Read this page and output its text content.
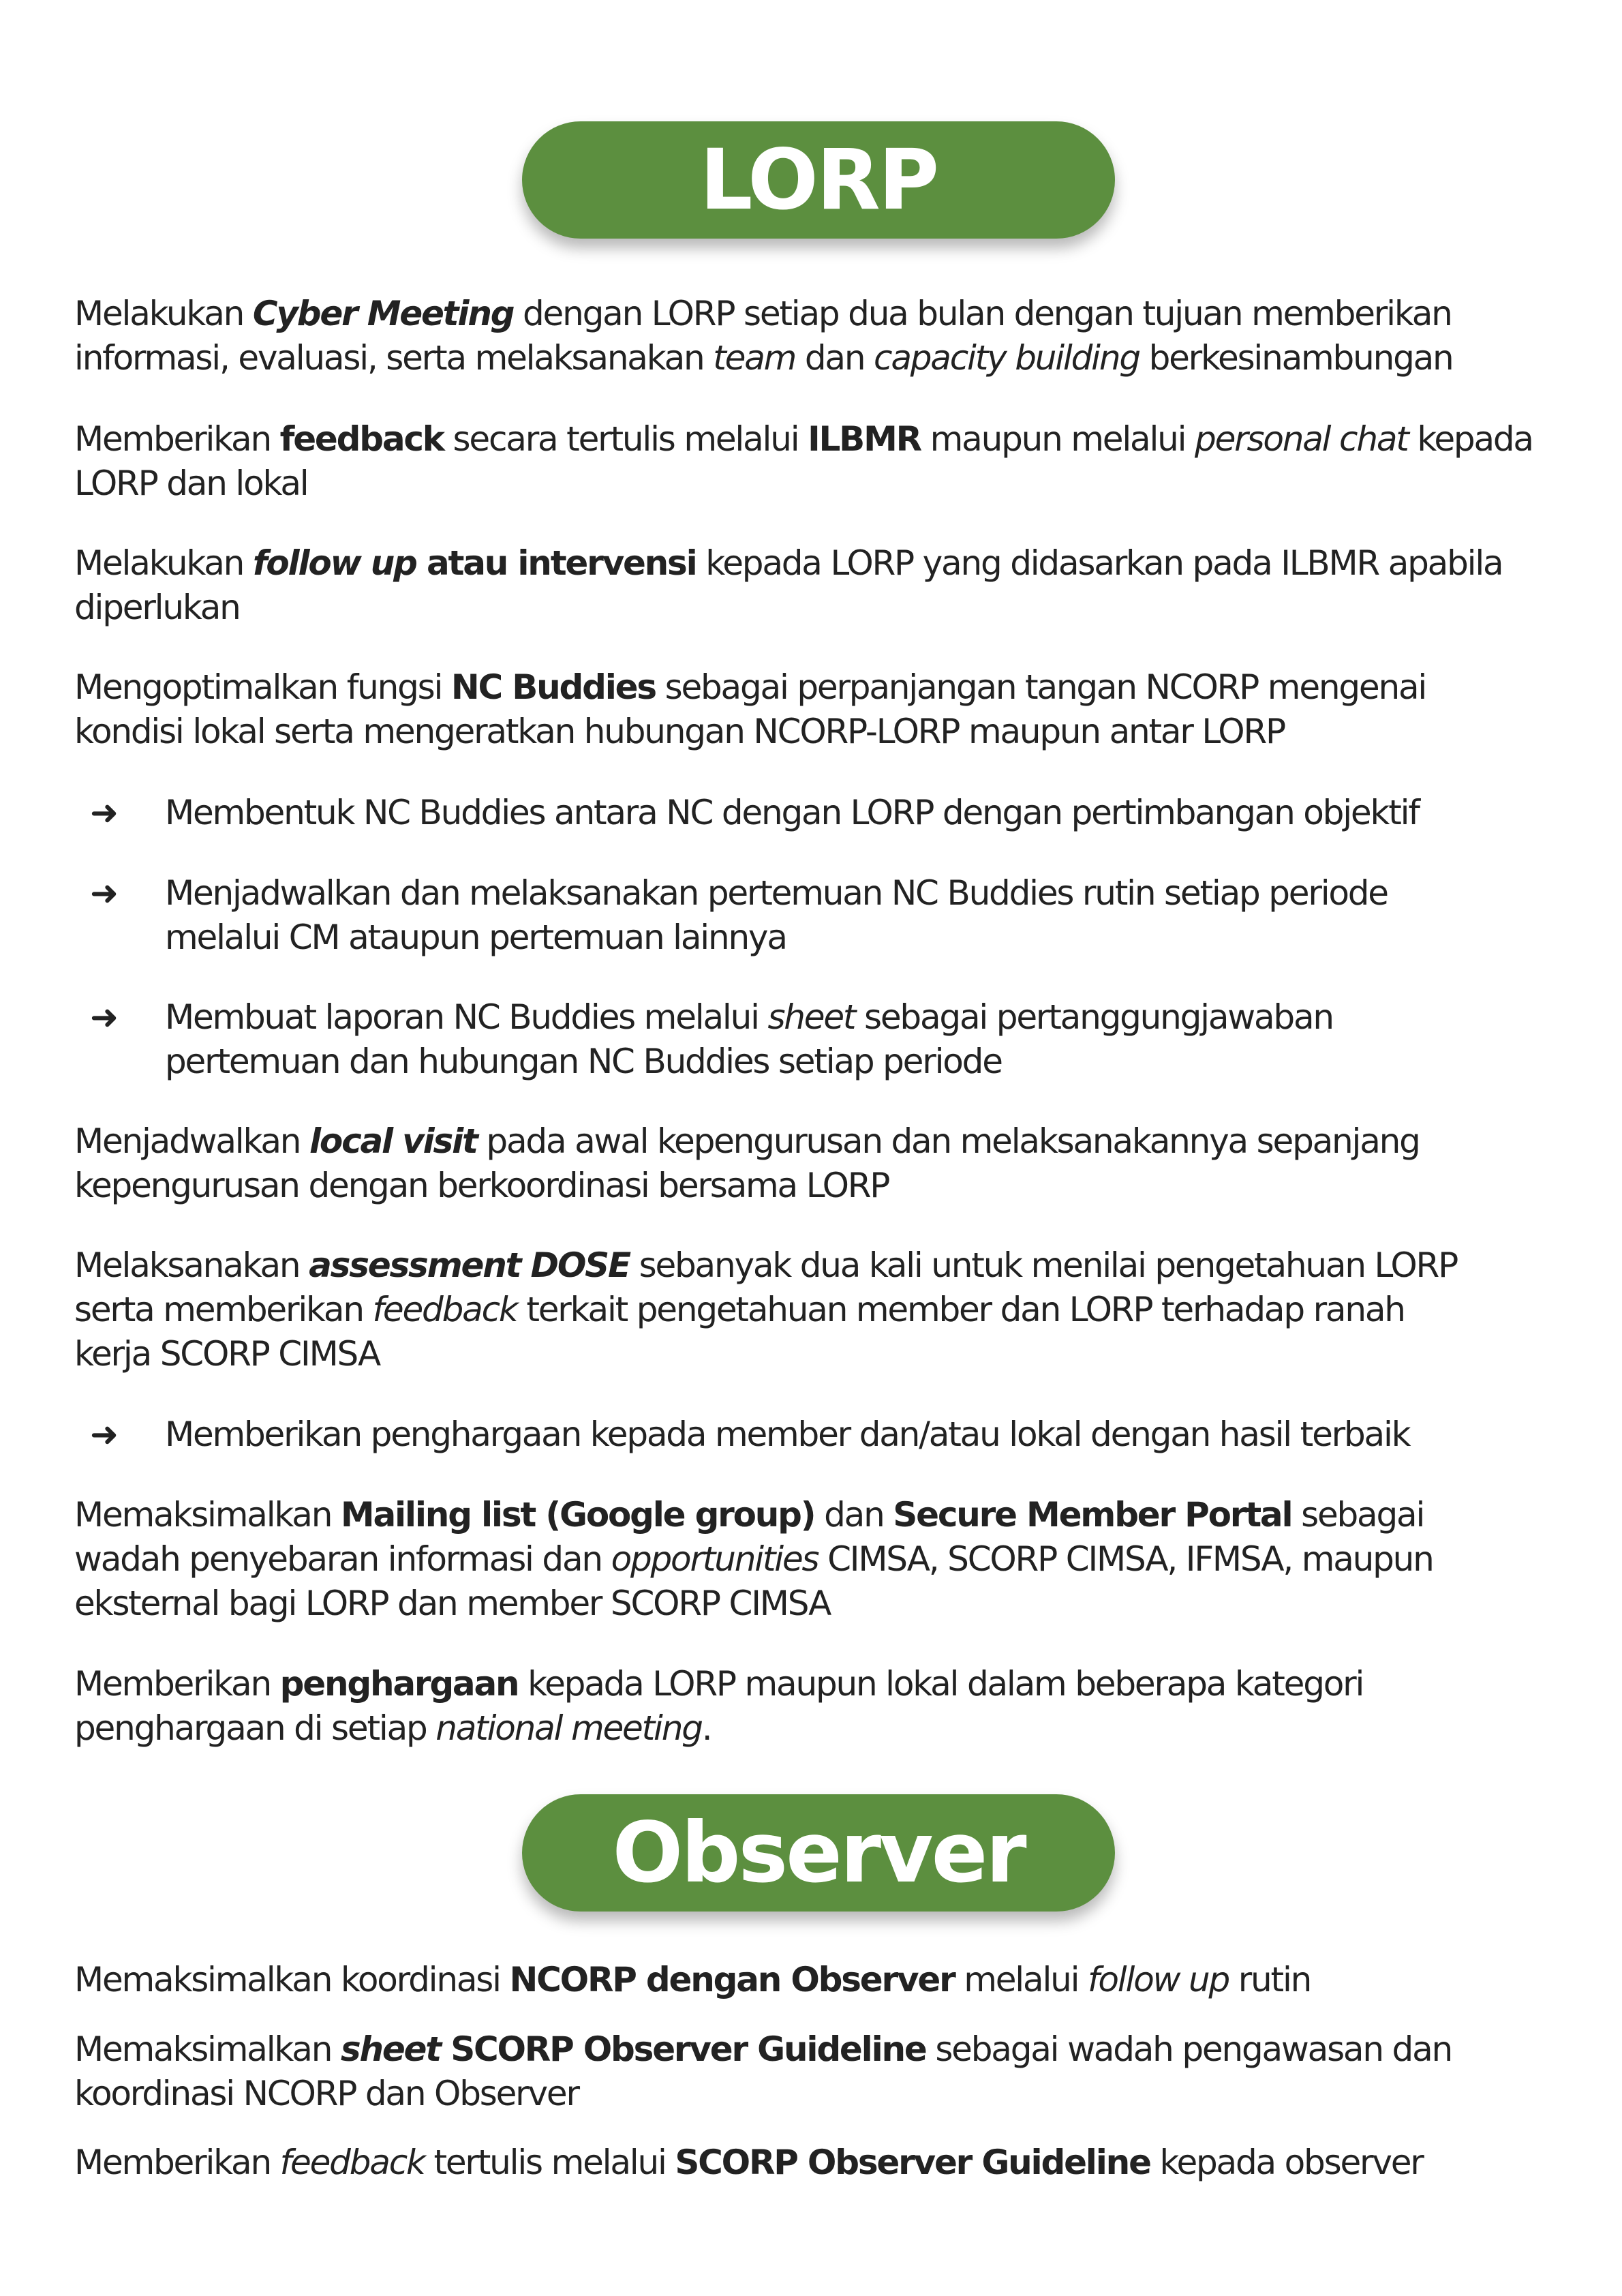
LORP

Melakukan Cyber Meeting dengan LORP setiap dua bulan dengan tujuan memberikan
informasi, evaluasi, serta melaksanakan team dan capacity building berkesinambungan

Memberikan feedback secara tertulis melalui ILBMR maupun melalui personal chat kepada
LORP dan lokal

Melakukan follow up atau intervensi kepada LORP yang didasarkan pada ILBMR apabila
diperlukan

Mengoptimalkan fungsi NC Buddies sebagai perpanjangan tangan NCORP mengenai
kondisi lokal serta mengeratkan hubungan NCORP-LORP maupun antar LORP

➜	Membentuk NC Buddies antara NC dengan LORP dengan pertimbangan objektif
➜	Menjadwalkan dan melaksanakan pertemuan NC Buddies rutin setiap periode
melalui CM ataupun pertemuan lainnya
➜	Membuat laporan NC Buddies melalui sheet sebagai pertanggungjawaban
pertemuan dan hubungan NC Buddies setiap periode

Menjadwalkan local visit pada awal kepengurusan dan melaksanakannya sepanjang
kepengurusan dengan berkoordinasi bersama LORP

Melaksanakan assessment DOSE sebanyak dua kali untuk menilai pengetahuan LORP
serta memberikan feedback terkait pengetahuan member dan LORP terhadap ranah
kerja SCORP CIMSA

➜	Memberikan penghargaan kepada member dan/atau lokal dengan hasil terbaik

Memaksimalkan Mailing list (Google group) dan Secure Member Portal sebagai
wadah penyebaran informasi dan opportunities CIMSA, SCORP CIMSA, IFMSA, maupun
eksternal bagi LORP dan member SCORP CIMSA

Memberikan penghargaan kepada LORP maupun lokal dalam beberapa kategori
penghargaan di setiap national meeting.

Observer

Memaksimalkan koordinasi NCORP dengan Observer melalui follow up rutin

Memaksimalkan sheet SCORP Observer Guideline sebagai wadah pengawasan dan
koordinasi NCORP dan Observer

Memberikan feedback tertulis melalui SCORP Observer Guideline kepada observer
